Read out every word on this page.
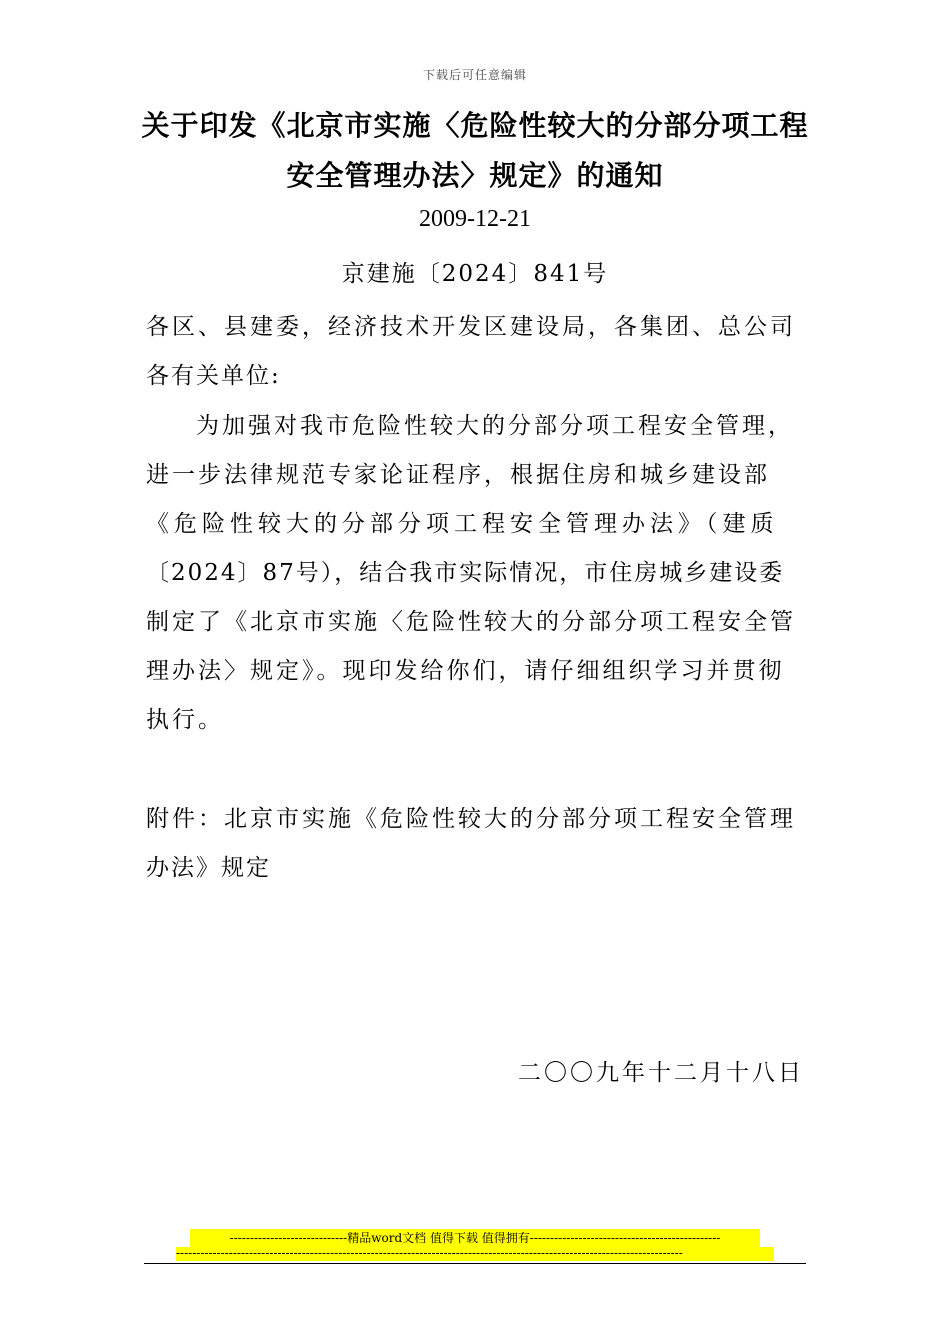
下载后可任意编辑
关于印发《北京市实施〈危险性较大的分部分项工程
安全管理办法〉规定》的通知
2009-12-21
京建施〔2024〕841号
各区、县建委，经济技术开发区建设局，各集团、总公司
各有关单位:
为加强对我市危险性较大的分部分项工程安全管理，
进一步法律规范专家论证程序，根据住房和城乡建设部
《危险性较大的分部分项工程安全管理办法》（建质
〔2024〕87号），结合我市实际情况，市住房城乡建设委
制定了《北京市实施〈危险性较大的分部分项工程安全管
理办法〉规定》。现印发给你们，请仔细组织学习并贯彻
执行。
附件：北京市实施《危险性较大的分部分项工程安全管理
办法》规定
二〇〇九年十二月十八日
-----------------------------精品word文档 值得下载 值得拥有-----------------------------------------------
-----------------------------------------------------------------------------------------------------------------------------
